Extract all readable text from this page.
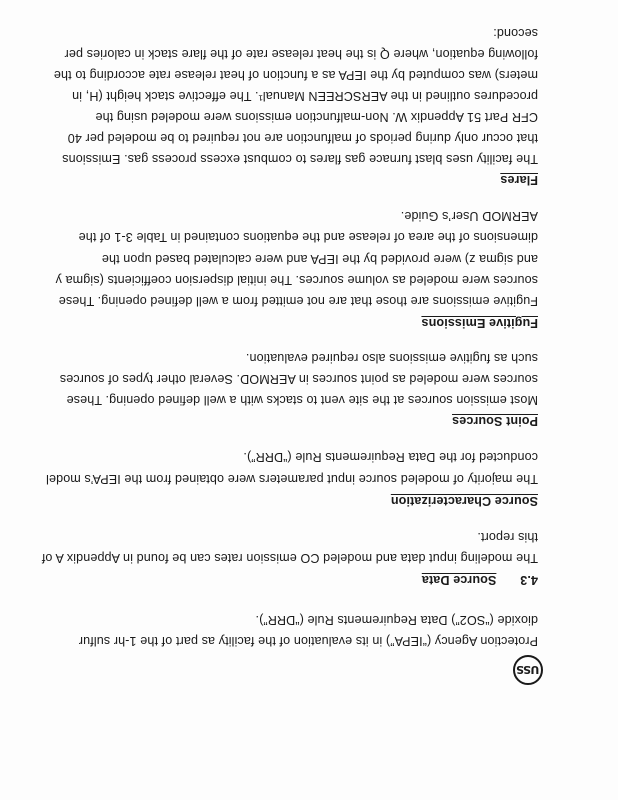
USS
Protection Agency (“IEPA”) in its evaluation of the facility as part of the 1-hr sulfur
dioxide (“SO2”) Data Requirements Rule (“DRR”).
4.3 Source Data
The modeling input data and modeled CO emission rates can be found in Appendix A of
this report.
Source Characterization
The majority of modeled source input parameters were obtained from the IEPA’s model
conducted for the Data Requirements Rule (“DRR”).
Point Sources
Most emission sources at the site vent to stacks with a well defined opening. These
sources were modeled as point sources in AERMOD. Several other types of sources
such as fugitive emissions also required evaluation.
Fugitive Emissions
Fugitive emissions are those that are not emitted from a well defined opening. These
sources were modeled as volume sources. The initial dispersion coefficients (sigma y
and sigma z) were provided by the IEPA and were calculated based upon the
dimensions of the area of release and the equations contained in Table 3-1 of the
AERMOD User’s Guide.
Flares
The facility uses blast furnace gas flares to combust excess process gas. Emissions
that occur only during periods of malfunction are not required to be modeled per 40
CFR Part 51 Appendix W. Non-malfunction emissions were modeled using the
procedures outlined in the AERSCREEN Manual¹. The effective stack height (H, in
meters) was computed by the IEPA as a function of heat release rate according to the
following equation, where Q is the heat release rate of the flare stack in calories per
second:
